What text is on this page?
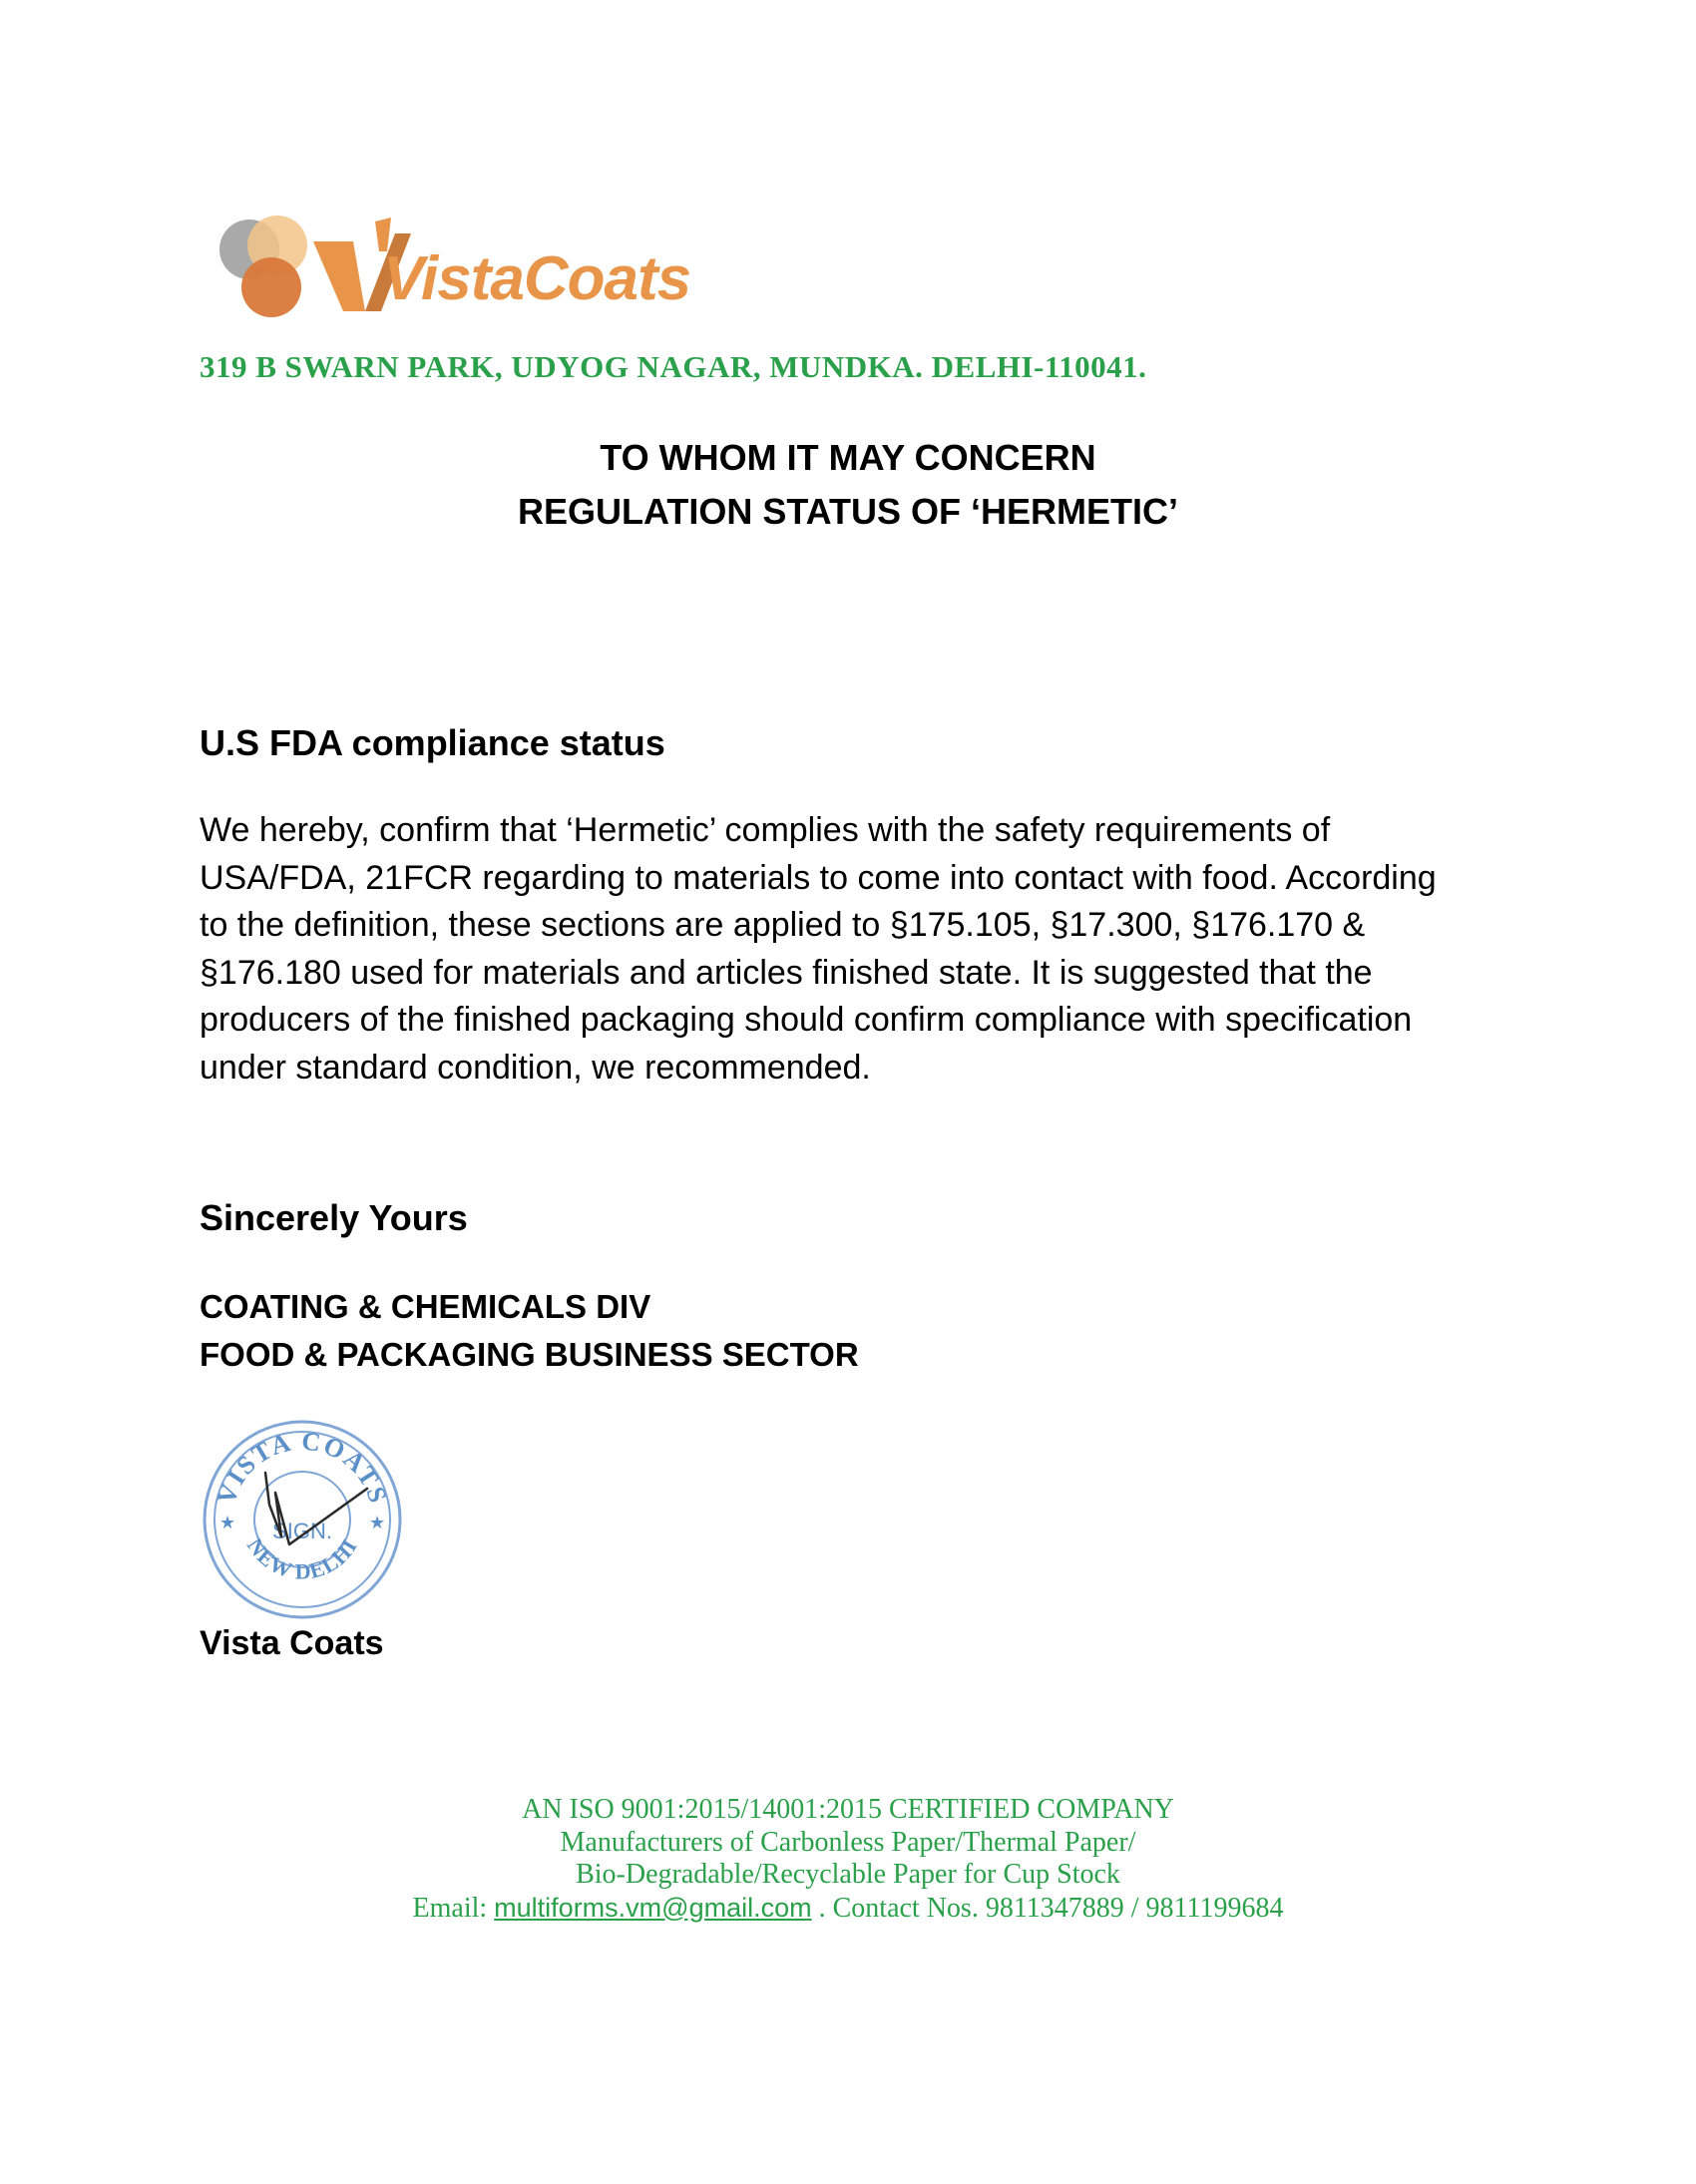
VistaCoats
319 B SWARN PARK, UDYOG NAGAR, MUNDKA. DELHI-110041.
TO WHOM IT MAY CONCERN
REGULATION STATUS OF ‘HERMETIC’
U.S FDA compliance status
We hereby, confirm that ‘Hermetic’ complies with the safety requirements of
USA/FDA, 21FCR regarding to materials to come into contact with food. According
to the definition, these sections are applied to §175.105, §17.300, §176.170 &
§176.180 used for materials and articles finished state. It is suggested that the
producers of the finished packaging should confirm compliance with specification
under standard condition, we recommended.
Sincerely Yours
COATING & CHEMICALS DIV
FOOD & PACKAGING BUSINESS SECTOR
VISTA COATS
NEW DELHI
SIGN.
★	★
Vista Coats
AN ISO 9001:2015/14001:2015 CERTIFIED COMPANY
Manufacturers of Carbonless Paper/Thermal Paper/
Bio-Degradable/Recyclable Paper for Cup Stock
Email: multiforms.vm@gmail.com . Contact Nos. 9811347889 / 9811199684
